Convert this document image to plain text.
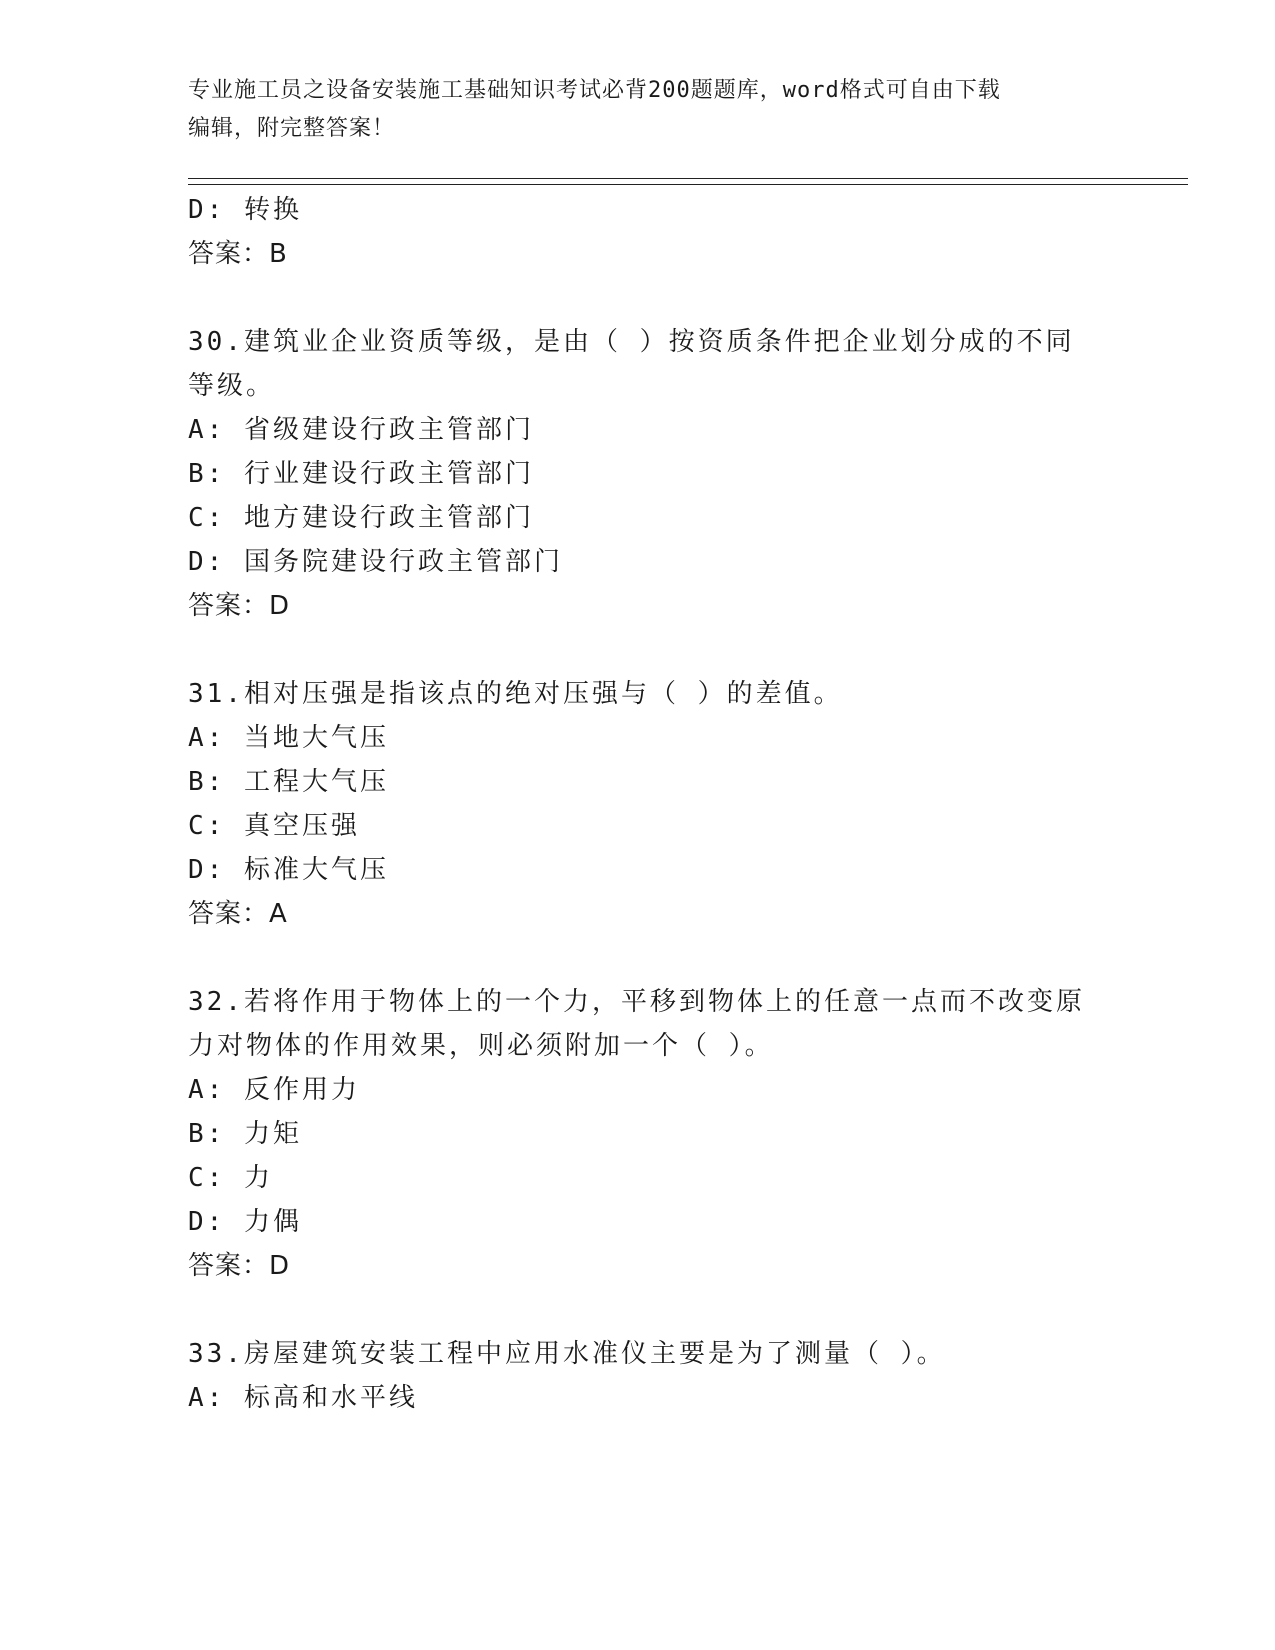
专业施工员之设备安装施工基础知识考试必背200题题库，word格式可自由下载
编辑，附完整答案！
D: 转换
答案：B
30.建筑业企业资质等级，是由（ ）按资质条件把企业划分成的不同
等级。
A: 省级建设行政主管部门
B: 行业建设行政主管部门
C: 地方建设行政主管部门
D: 国务院建设行政主管部门
答案：D
31.相对压强是指该点的绝对压强与（ ）的差值。
A: 当地大气压
B: 工程大气压
C: 真空压强
D: 标准大气压
答案：A
32.若将作用于物体上的一个力，平移到物体上的任意一点而不改变原
力对物体的作用效果，则必须附加一个（ ）。
A: 反作用力
B: 力矩
C: 力
D: 力偶
答案：D
33.房屋建筑安装工程中应用水准仪主要是为了测量（ ）。
A: 标高和水平线
